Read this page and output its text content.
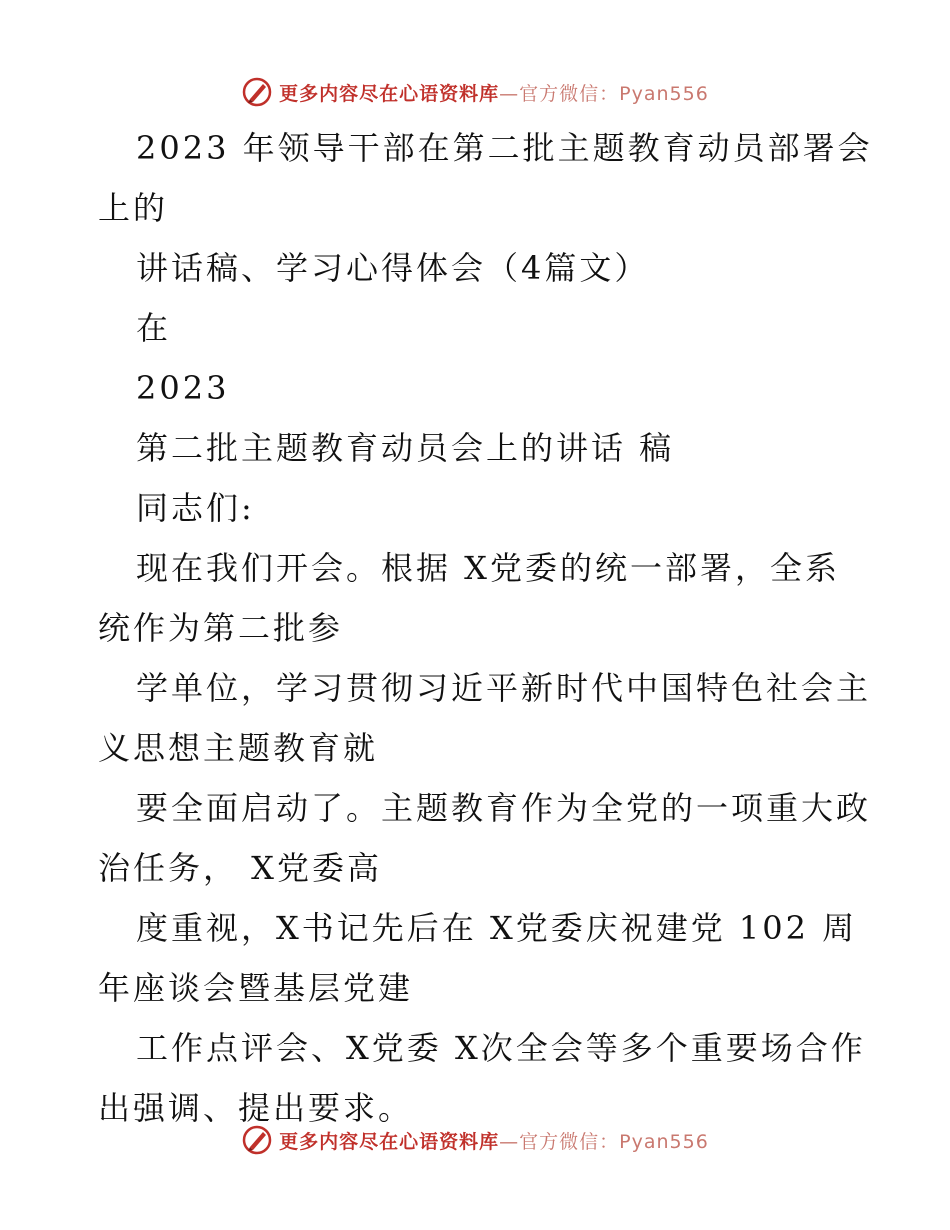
更多内容尽在心语资料库—官方微信：Pyan556
2023 年领导干部在第二批主题教育动员部署会
上的
讲话稿、学习心得体会（4篇文）
在
2023
第二批主题教育动员会上的讲话 稿
同志们:
现在我们开会。根据 X党委的统一部署，全系
统作为第二批参
学单位，学习贯彻习近平新时代中国特色社会主
义思想主题教育就
要全面启动了。主题教育作为全党的一项重大政
治任务， X党委高
度重视，X书记先后在 X党委庆祝建党 102 周
年座谈会暨基层党建
工作点评会、X党委 X次全会等多个重要场合作
出强调、提出要求。
更多内容尽在心语资料库—官方微信：Pyan556
